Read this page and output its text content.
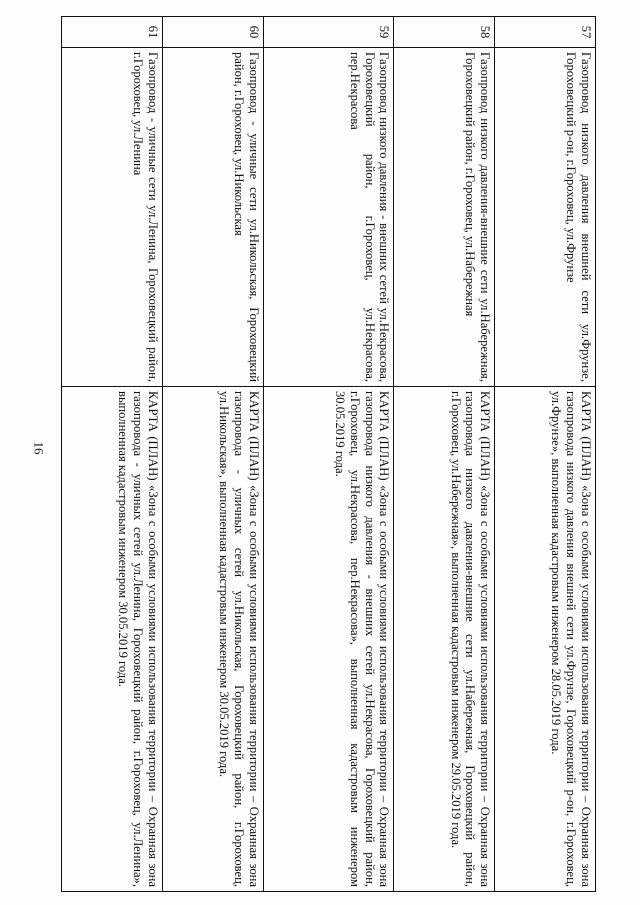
16
57	Газопровод низкого давления внешней сети ул.Фрунзе, Гороховецкий р-он, г.Гороховец, ул.Фрунзе	КАРТА (ПЛАН) «Зона с особыми условиями использования территории – Охранная зона газопровода низкого давления внешней сети ул.Фрунзе, Гороховецкий р-он, г.Гороховец, ул.Фрунзе», выполненная кадастровым инженером 28.05.2019 года.
58	Газопровод низкого давления-внешние сети ул.Набережная, Гороховецкий район, г.Гороховец, ул.Набережная	КАРТА (ПЛАН) «Зона с особыми условиями использования территории – Охранная зона газопровода низкого давления-внешние сети ул.Набережная, Гороховецкий район, г.Гороховец, ул.Набережная», выполненная кадастровым инженером 29.05.2019 года.
59	Газопровод низкого давления - внешних сетей ул.Некрасова, Гороховецкий район, г.Гороховец, ул.Некрасова, пер.Некрасова	КАРТА (ПЛАН) «Зона с особыми условиями использования территории – Охранная зона газопровода низкого давления - внешних сетей ул.Некрасова, Гороховецкий район, г.Гороховец, ул.Некрасова, пер.Некрасова», выполненная кадастровым инженером 30.05.2019 года.
60	Газопровод - уличные сети ул.Никольская, Гороховецкий район, г.Гороховец, ул.Никольская	КАРТА (ПЛАН) «Зона с особыми условиями использования территории – Охранная зона газопровода - уличных сетей ул.Никольская, Гороховецкий район, г.Гороховец, ул.Никольская», выполненная кадастровым инженером 30.05.2019 года.
61	Газопровод - уличные сети ул.Ленина, Гороховецкий район, г.Гороховец, ул.Ленина	КАРТА (ПЛАН) «Зона с особыми условиями использования территории – Охранная зона газопровода - уличных сетей ул.Ленина, Гороховецкий район, г.Гороховец, ул.Ленина», выполненная кадастровым инженером 30.05.2019 года.
